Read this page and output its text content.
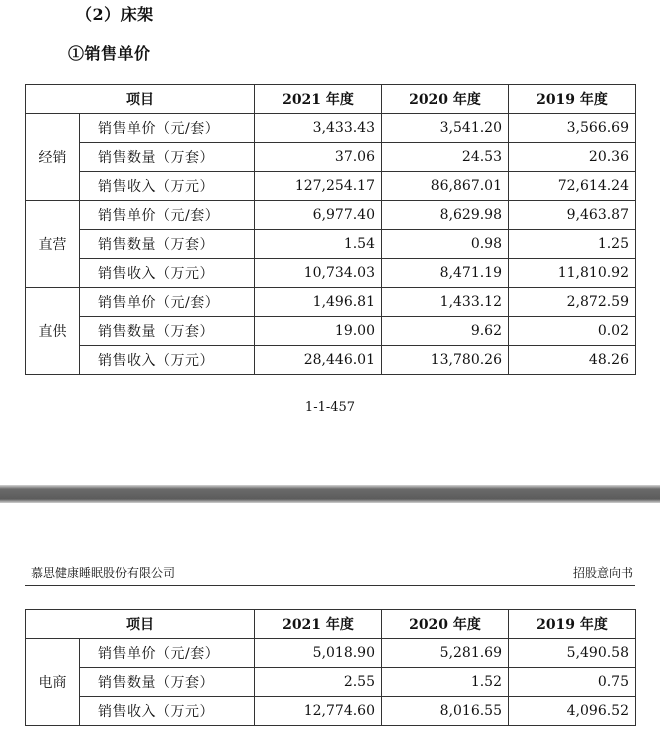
（2）床架
①销售单价
项目		2021 年度	2020 年度	2019 年度
经销	销售单价（元/套）	3,433.43	3,541.20	3,566.69
	销售数量（万套）	37.06	24.53	20.36
	销售收入（万元）	127,254.17	86,867.01	72,614.24
直营	销售单价（元/套）	6,977.40	8,629.98	9,463.87
	销售数量（万套）	1.54	0.98	1.25
	销售收入（万元）	10,734.03	8,471.19	11,810.92
直供	销售单价（元/套）	1,496.81	1,433.12	2,872.59
	销售数量（万套）	19.00	9.62	0.02
	销售收入（万元）	28,446.01	13,780.26	48.26
1-1-457
慕思健康睡眠股份有限公司	招股意向书
项目		2021 年度	2020 年度	2019 年度
电商	销售单价（元/套）	5,018.90	5,281.69	5,490.58
	销售数量（万套）	2.55	1.52	0.75
	销售收入（万元）	12,774.60	8,016.55	4,096.52
